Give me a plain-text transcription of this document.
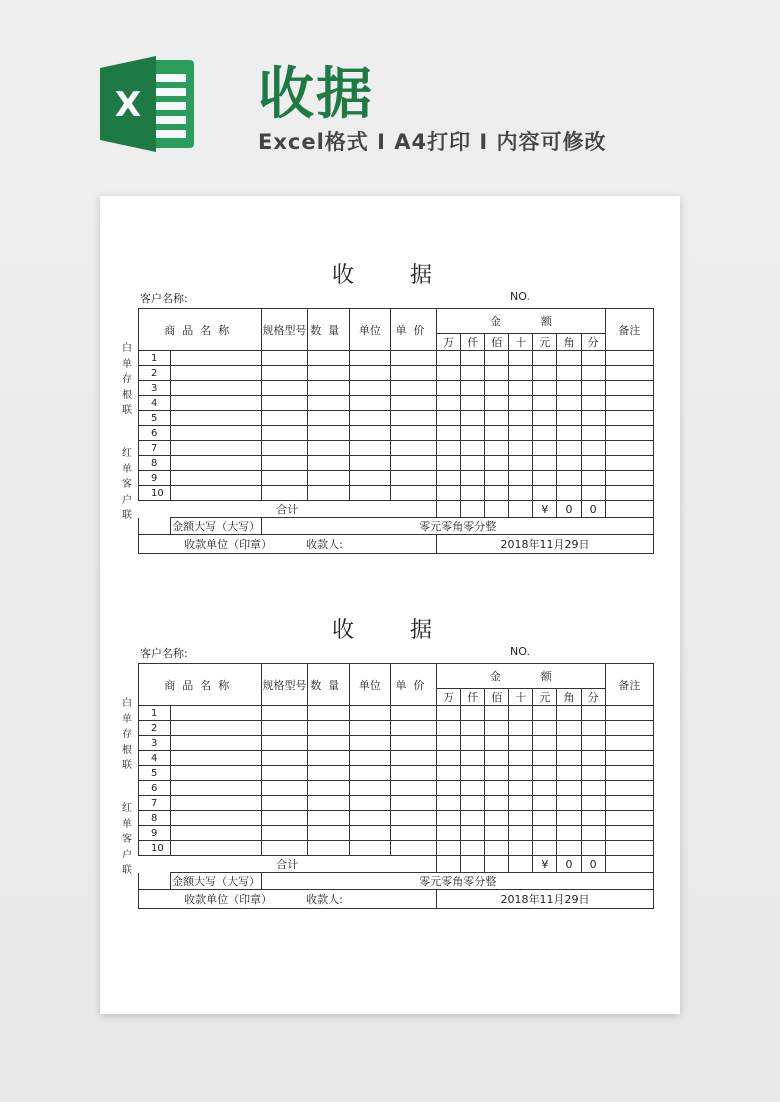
X 收据
Excel格式 I A4打印 I 内容可修改
收据
客户名称:	NO.
白
单
存
根
联
红
单
客
户
联
商品名称		规格型号	数量	单位	单价	金额							备注
						万	仟	佰	十	元	角	分	
1													
2													
3													
4													
5													
6													
7													
8													
9													
10													
合计										¥	0	0	
	金额大写（大写）	零元零角零分整											
收款单位（印章） 收款人:						2018年11月29日							
收据
客户名称:	NO.
白
单
存
根
联
红
单
客
户
联
商品名称		规格型号	数量	单位	单价	金额							备注
						万	仟	佰	十	元	角	分	
1													
2													
3													
4													
5													
6													
7													
8													
9													
10													
合计										¥	0	0	
	金额大写（大写）	零元零角零分整											
收款单位（印章） 收款人:						2018年11月29日							
